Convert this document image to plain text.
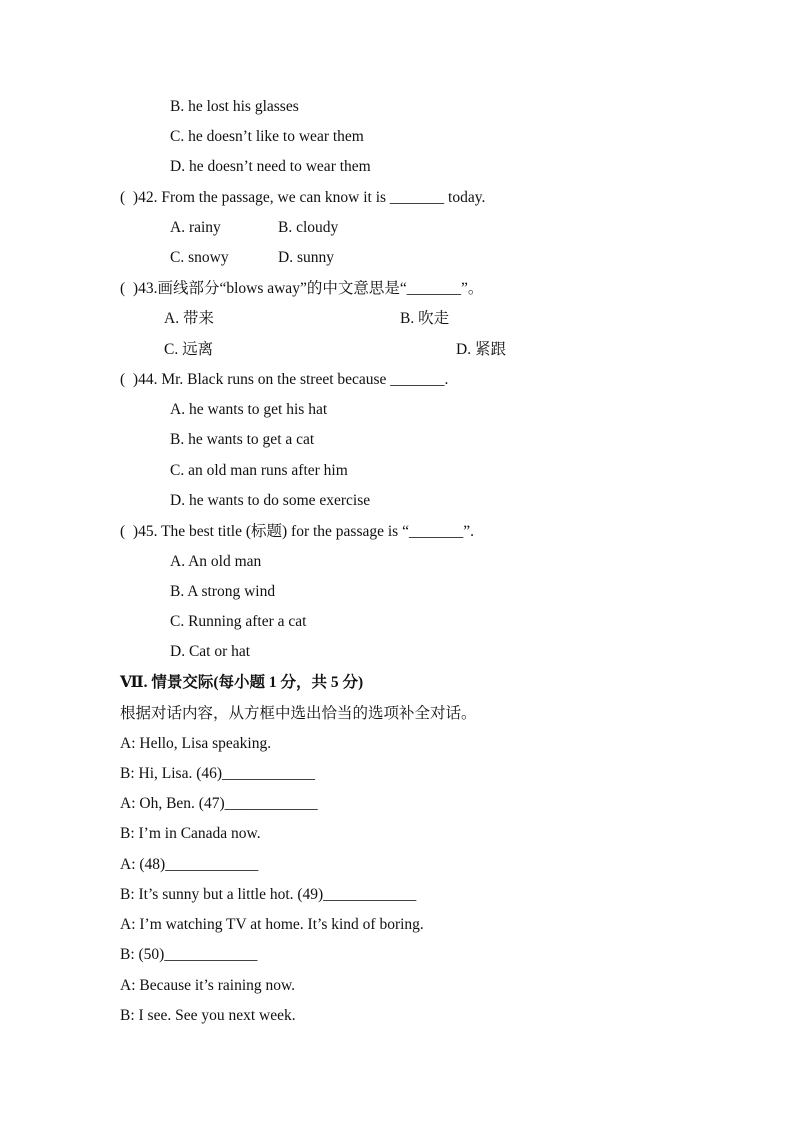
B. he lost his glasses
C. he doesn’t like to wear them
D. he doesn’t need to wear them
(  )42. From the passage, we can know it is _______ today.
A. rainy	B. cloudy
C. snowy	D. sunny
(  )43.画线部分“blows away”的中文意思是“_______”。
A. 带来	B. 吹走
C. 远离	D. 紧跟
(  )44. Mr. Black runs on the street because _______.
A. he wants to get his hat
B. he wants to get a cat
C. an old man runs after him
D. he wants to do some exercise
(  )45. The best title (标题) for the passage is “_______”.
A. An old man
B. A strong wind
C. Running after a cat
D. Cat or hat
Ⅶ. 情景交际(每小题 1 分，共 5 分)
根据对话内容，从方框中选出恰当的选项补全对话。
A: Hello, Lisa speaking.
B: Hi, Lisa. (46)____________
A: Oh, Ben. (47)____________
B: I’m in Canada now.
A: (48)____________
B: It’s sunny but a little hot. (49)____________
A: I’m watching TV at home. It’s kind of boring.
B: (50)____________
A: Because it’s raining now.
B: I see. See you next week.
